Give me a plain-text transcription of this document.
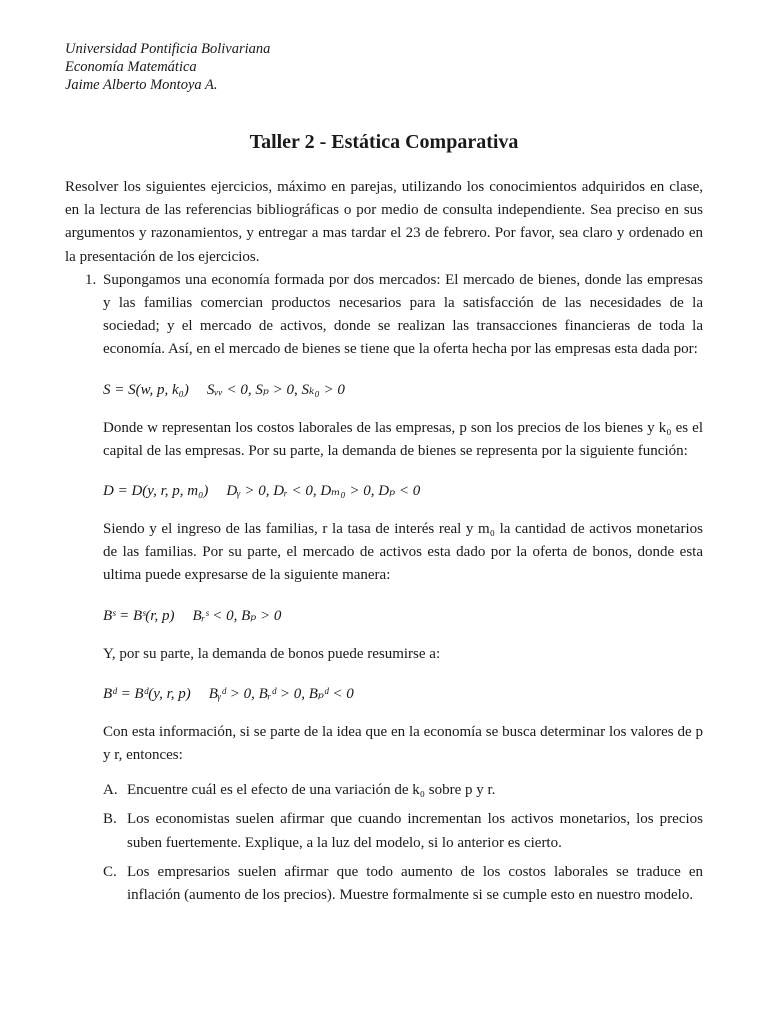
Universidad Pontificia Bolivariana
Economía Matemática
Jaime Alberto Montoya A.
Taller 2 - Estática Comparativa
Resolver los siguientes ejercicios, máximo en parejas, utilizando los conocimientos adquiridos en clase, en la lectura de las referencias bibliográficas o por medio de consulta independiente. Sea preciso en sus argumentos y razonamientos, y entregar a mas tardar el 23 de febrero. Por favor, sea claro y ordenado en la presentación de los ejercicios.
1. Supongamos una economía formada por dos mercados: El mercado de bienes, donde las empresas y las familias comercian productos necesarios para la satisfacción de las necesidades de la sociedad; y el mercado de activos, donde se realizan las transacciones financieras de toda la economía. Así, en el mercado de bienes se tiene que la oferta hecha por las empresas esta dada por:
S = S(w, p, k₀) Sᵥᵥ < 0, Sₚ > 0, Sₖ₀ > 0
Donde w representan los costos laborales de las empresas, p son los precios de los bienes y k₀ es el capital de las empresas. Por su parte, la demanda de bienes se representa por la siguiente función:
D = D(y, r, p, m₀) Dᵧ > 0, Dᵣ < 0, Dₘ₀ > 0, Dₚ < 0
Siendo y el ingreso de las familias, r la tasa de interés real y m₀ la cantidad de activos monetarios de las familias. Por su parte, el mercado de activos esta dado por la oferta de bonos, donde esta ultima puede expresarse de la siguiente manera:
Bˢ = Bˢ(r, p) Bᵣˢ < 0, Bₚ > 0
Y, por su parte, la demanda de bonos puede resumirse a:
Bᵈ = Bᵈ(y, r, p) Bᵧᵈ > 0, Bᵣᵈ > 0, Bₚᵈ < 0
Con esta información, si se parte de la idea que en la economía se busca determinar los valores de p y r, entonces:
A. Encuentre cuál es el efecto de una variación de k₀ sobre p y r.
B. Los economistas suelen afirmar que cuando incrementan los activos monetarios, los precios suben fuertemente. Explique, a la luz del modelo, si lo anterior es cierto.
C. Los empresarios suelen afirmar que todo aumento de los costos laborales se traduce en inflación (aumento de los precios). Muestre formalmente si se cumple esto en nuestro modelo.
